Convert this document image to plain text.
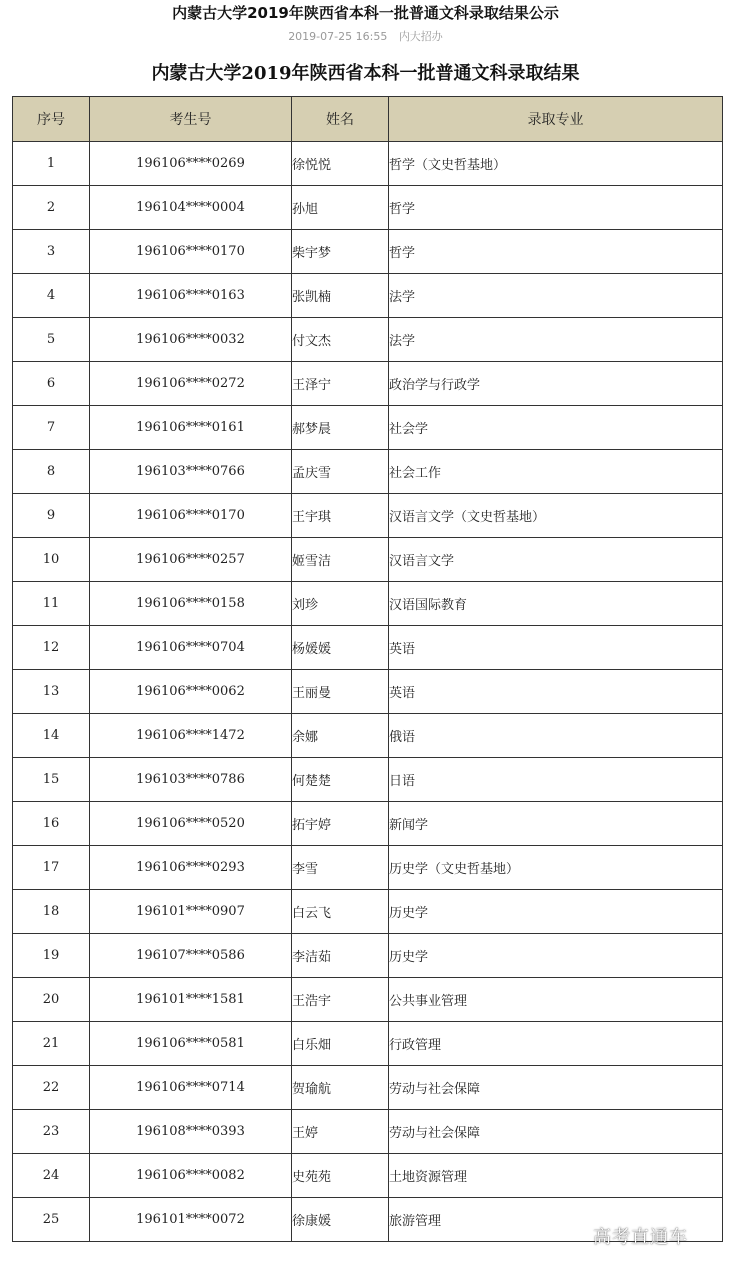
内蒙古大学2019年陕西省本科一批普通文科录取结果公示
2019-07-25 16:55 内大招办
内蒙古大学2019年陕西省本科一批普通文科录取结果
序号	考生号	姓名	录取专业
1	196106****0269	徐悦悦	哲学（文史哲基地）
2	196104****0004	孙旭	哲学
3	196106****0170	柴宇梦	哲学
4	196106****0163	张凯楠	法学
5	196106****0032	付文杰	法学
6	196106****0272	王泽宁	政治学与行政学
7	196106****0161	郝梦晨	社会学
8	196103****0766	孟庆雪	社会工作
9	196106****0170	王宇琪	汉语言文学（文史哲基地）
10	196106****0257	姬雪洁	汉语言文学
11	196106****0158	刘珍	汉语国际教育
12	196106****0704	杨媛媛	英语
13	196106****0062	王丽曼	英语
14	196106****1472	余娜	俄语
15	196103****0786	何楚楚	日语
16	196106****0520	拓宇婷	新闻学
17	196106****0293	李雪	历史学（文史哲基地）
18	196101****0907	白云飞	历史学
19	196107****0586	李洁茹	历史学
20	196101****1581	王浩宇	公共事业管理
21	196106****0581	白乐畑	行政管理
22	196106****0714	贺瑜航	劳动与社会保障
23	196108****0393	王婷	劳动与社会保障
24	196106****0082	史苑苑	土地资源管理
25	196101****0072	徐康媛	旅游管理
高考直通车
